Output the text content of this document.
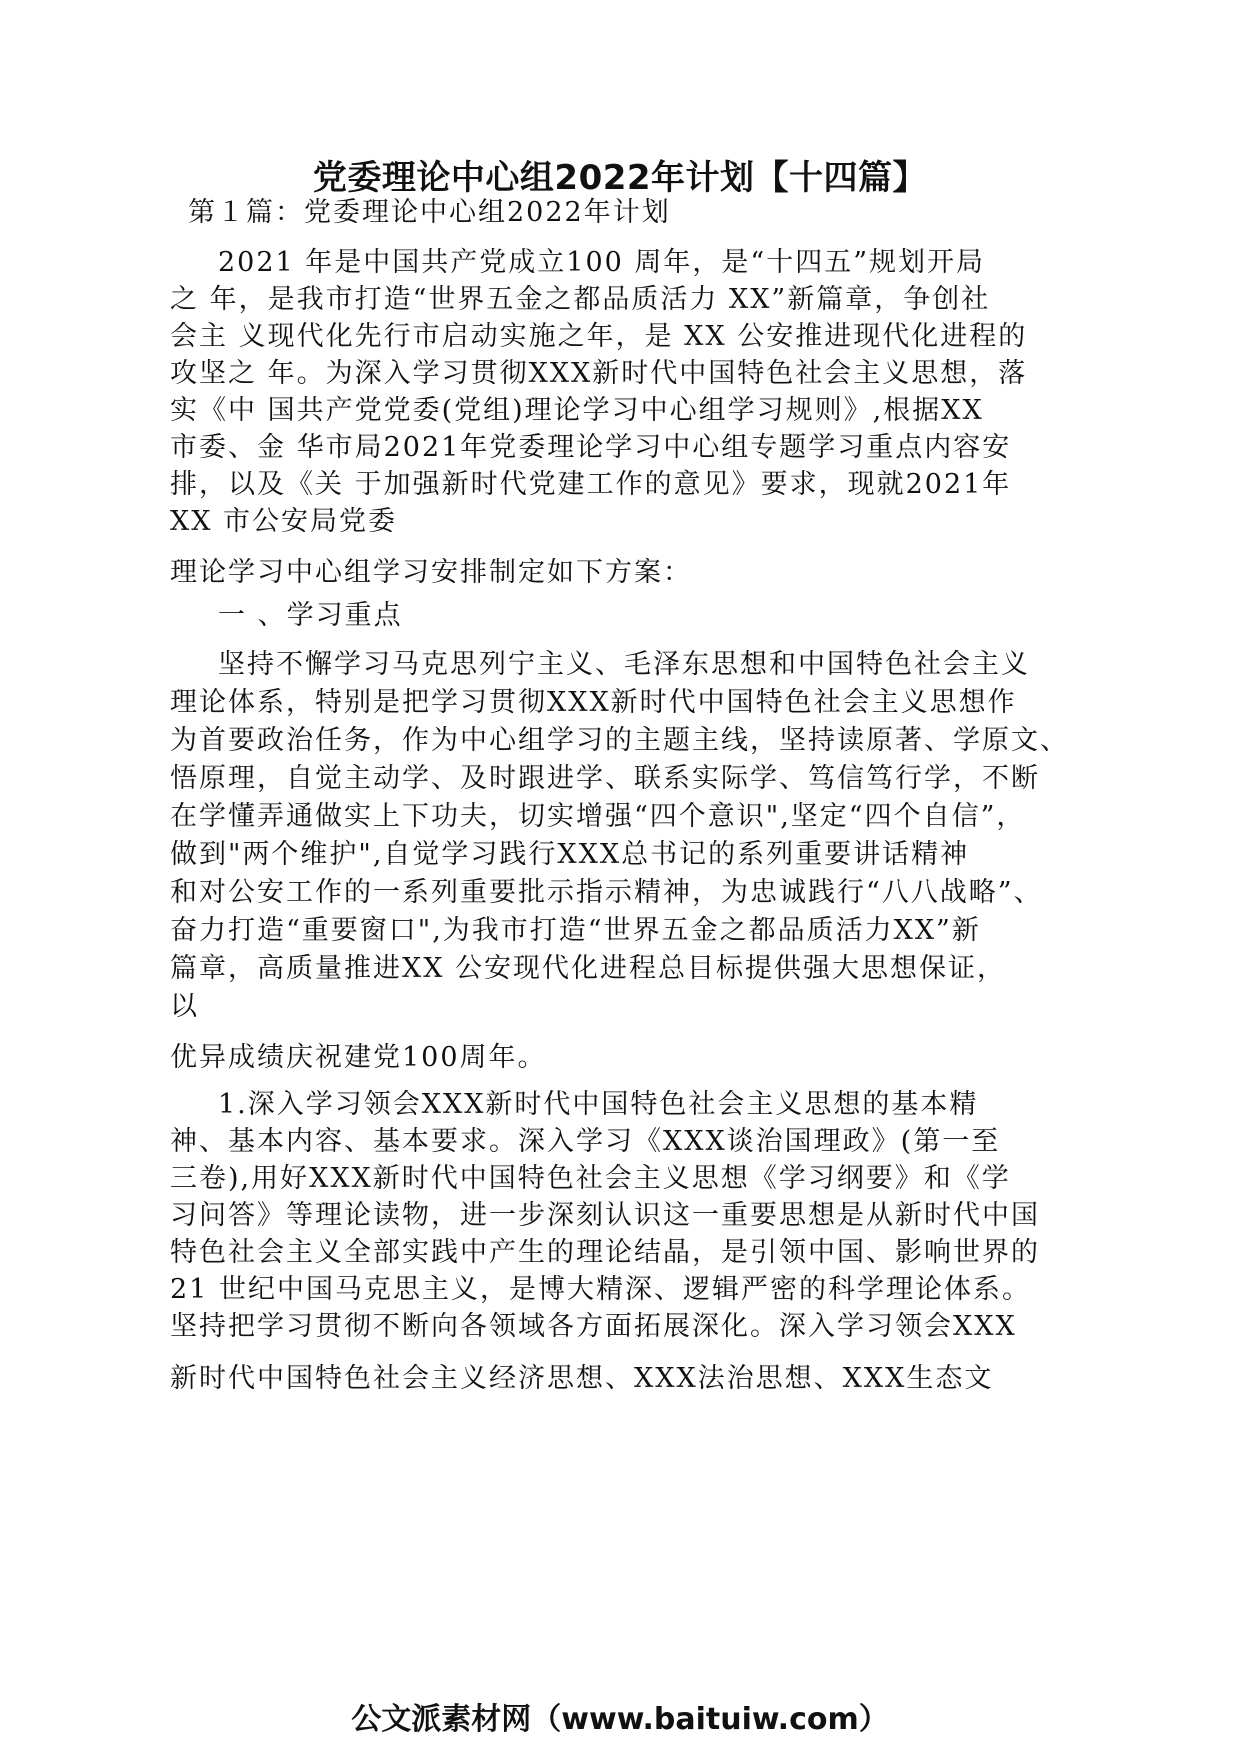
党委理论中心组2022年计划【十四篇】
第１篇：党委理论中心组2022年计划
2021 年是中国共产党成立100 周年，是“十四五”规划开局
之 年，是我市打造“世界五金之都品质活力 XX”新篇章，争创社
会主 义现代化先行市启动实施之年，是 XX 公安推进现代化进程的
攻坚之 年。为深入学习贯彻XXX新时代中国特色社会主义思想，落
实《中 国共产党党委(党组)理论学习中心组学习规则》,根据XX
市委、金 华市局2021年党委理论学习中心组专题学习重点内容安
排，以及《关 于加强新时代党建工作的意见》要求，现就2021年
XX 市公安局党委
理论学习中心组学习安排制定如下方案：
一 、学习重点
坚持不懈学习马克思列宁主义、毛泽东思想和中国特色社会主义
理论体系，特别是把学习贯彻XXX新时代中国特色社会主义思想作
为首要政治任务，作为中心组学习的主题主线，坚持读原著、学原文、
悟原理，自觉主动学、及时跟进学、联系实际学、笃信笃行学，不断
在学懂弄通做实上下功夫，切实增强“四个意识",坚定“四个自信”，
做到"两个维护",自觉学习践行XXX总书记的系列重要讲话精神
和对公安工作的一系列重要批示指示精神，为忠诚践行“八八战略”、
奋力打造“重要窗口",为我市打造“世界五金之都品质活力XX”新
篇章，高质量推进XX 公安现代化进程总目标提供强大思想保证，
以
优异成绩庆祝建党100周年。
1.深入学习领会XXX新时代中国特色社会主义思想的基本精
神、基本内容、基本要求。深入学习《XXX谈治国理政》(第一至
三卷),用好XXX新时代中国特色社会主义思想《学习纲要》和《学
习问答》等理论读物，进一步深刻认识这一重要思想是从新时代中国
特色社会主义全部实践中产生的理论结晶，是引领中国、影响世界的
21 世纪中国马克思主义，是博大精深、逻辑严密的科学理论体系。
坚持把学习贯彻不断向各领域各方面拓展深化。深入学习领会XXX
新时代中国特色社会主义经济思想、XXX法治思想、XXX生态文
公文派素材网（www.baituiw.com）
